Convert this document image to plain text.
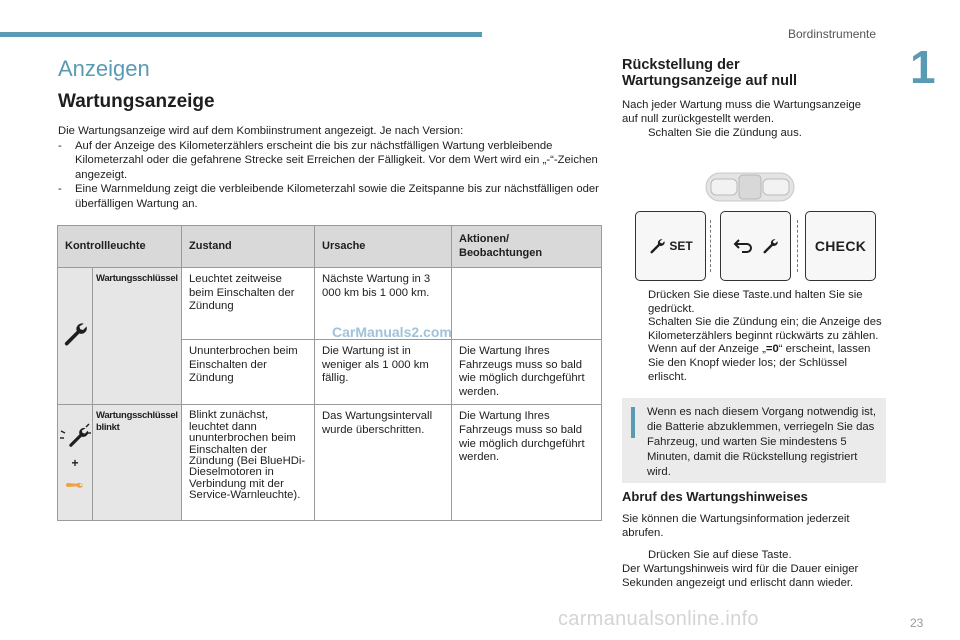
Bordinstrumente
1
Anzeigen
Wartungsanzeige
Die Wartungsanzeige wird auf dem Kombiinstrument angezeigt. Je nach Version:
- Auf der Anzeige des Kilometerzählers erscheint die bis zur nächstfälligen Wartung verbleibende Kilometerzahl oder die gefahrene Strecke seit Erreichen der Fälligkeit. Vor dem Wert wird ein „-“-Zeichen angezeigt.
- Eine Warnmeldung zeigt die verbleibende Kilometerzahl sowie die Zeitspanne bis zur nächstfälligen oder überfälligen Wartung an.
Kontrollleuchte		Zustand	Ursache	Aktionen/ Beobachtungen
	Wartungsschlüssel	Leuchtet zeitweise beim Einschalten der Zündung	Nächste Wartung in 3 000 km bis 1 000 km.	
		Ununterbrochen beim Einschalten der Zündung	Die Wartung ist in weniger als 1 000 km fällig.	Die Wartung Ihres Fahrzeugs muss so bald wie möglich durchgeführt werden.

+	Wartungsschlüssel blinkt	Blinkt zunächst, leuchtet dann ununterbrochen beim Einschalten der Zündung (Bei BlueHDi-Dieselmotoren in Verbindung mit der Service-Warnleuchte).	Das Wartungsintervall wurde überschritten.	Die Wartung Ihres Fahrzeugs muss so bald wie möglich durchgeführt werden.
CarManuals2.com
Rückstellung der Wartungsanzeige auf null
Nach jeder Wartung muss die Wartungsanzeige auf null zurückgestellt werden.
Schalten Sie die Zündung aus.
SET	CHECK
Drücken Sie diese Taste.und halten Sie sie gedrückt.
Schalten Sie die Zündung ein; die Anzeige des Kilometerzählers beginnt rückwärts zu zählen.
Wenn auf der Anzeige „=0“ erscheint, lassen Sie den Knopf wieder los; der Schlüssel erlischt.
Wenn es nach diesem Vorgang notwendig ist, die Batterie abzuklemmen, verriegeln Sie das Fahrzeug, und warten Sie mindestens 5 Minuten, damit die Rückstellung registriert wird.
Abruf des Wartungshinweises
Sie können die Wartungsinformation jederzeit abrufen.
Drücken Sie auf diese Taste.
Der Wartungshinweis wird für die Dauer einiger Sekunden angezeigt und erlischt dann wieder.
carmanualsonline.info	23
